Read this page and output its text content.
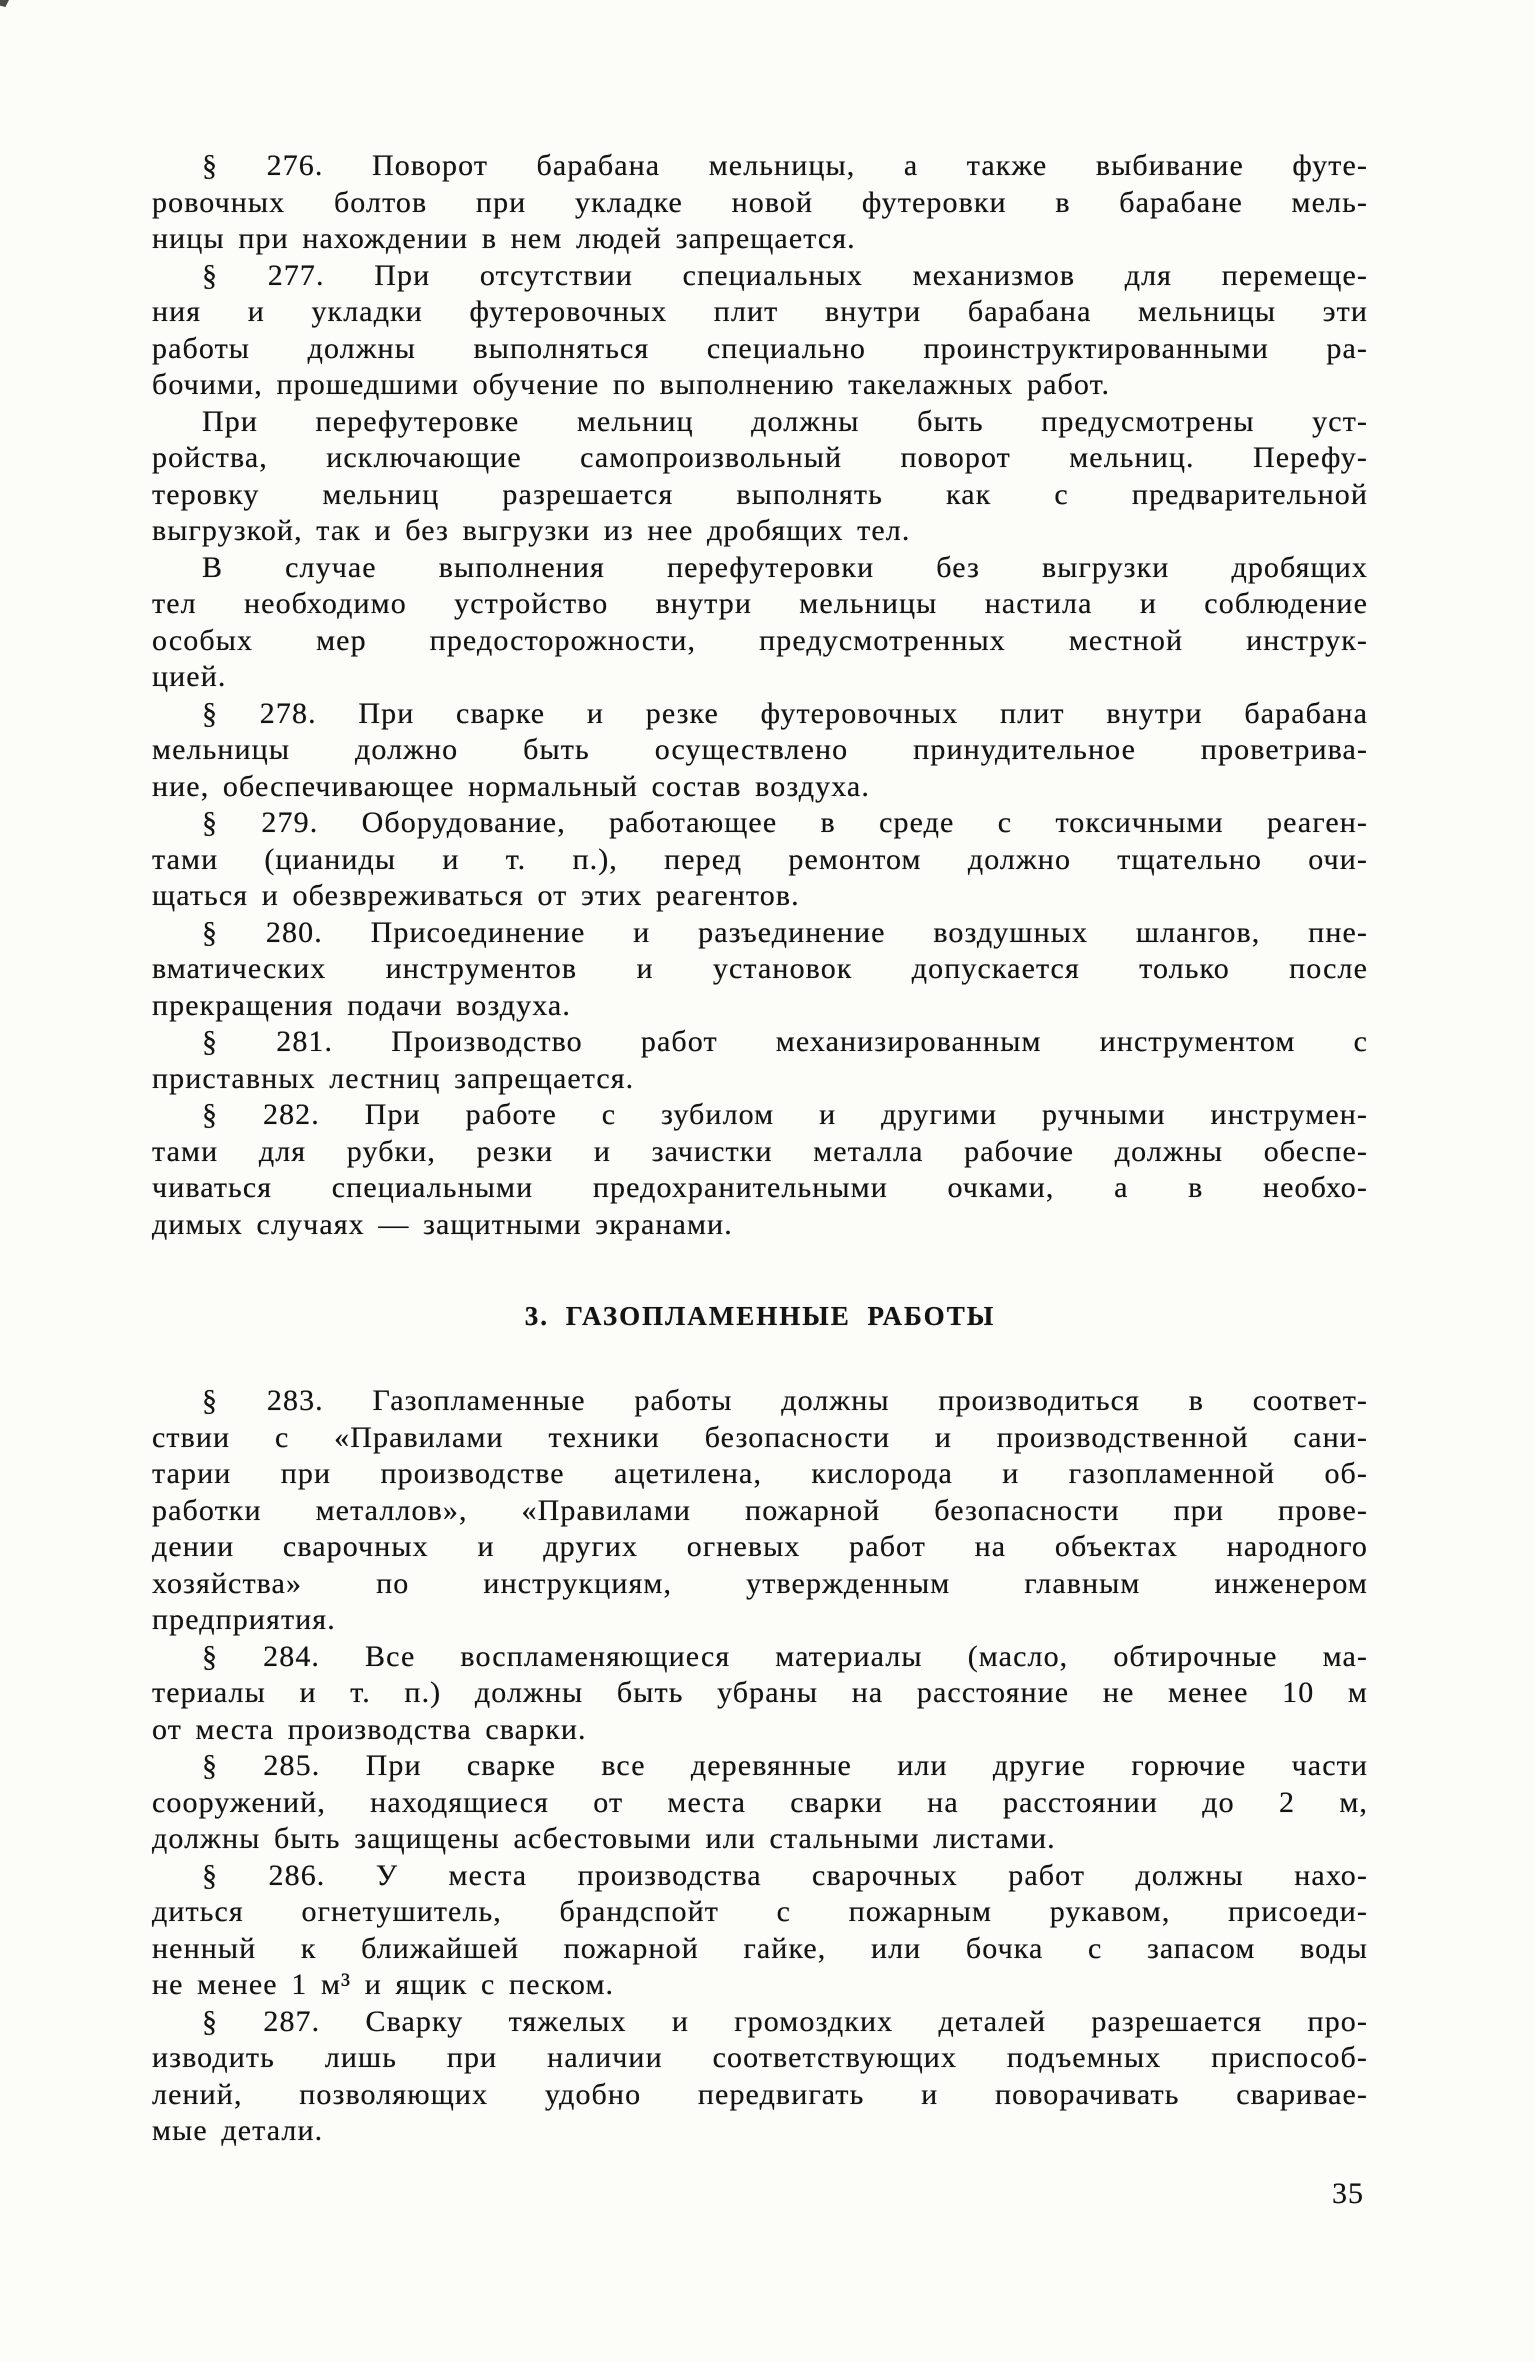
§ 276. Поворот барабана мельницы, а также выбивание футе-
ровочных болтов при укладке новой футеровки в барабане мель-
ницы при нахождении в нем людей запрещается.

§ 277. При отсутствии специальных механизмов для перемеще-
ния и укладки футеровочных плит внутри барабана мельницы эти
работы должны выполняться специально проинструктированными ра-
бочими, прошедшими обучение по выполнению такелажных работ.

При перефутеровке мельниц должны быть предусмотрены уст-
ройства, исключающие самопроизвольный поворот мельниц. Перефу-
теровку мельниц разрешается выполнять как с предварительной
выгрузкой, так и без выгрузки из нее дробящих тел.

В случае выполнения перефутеровки без выгрузки дробящих
тел необходимо устройство внутри мельницы настила и соблюдение
особых мер предосторожности, предусмотренных местной инструк-
цией.

§ 278. При сварке и резке футеровочных плит внутри барабана
мельницы должно быть осуществлено принудительное проветрива-
ние, обеспечивающее нормальный состав воздуха.

§ 279. Оборудование, работающее в среде с токсичными реаген-
тами (цианиды и т. п.), перед ремонтом должно тщательно очи-
щаться и обезвреживаться от этих реагентов.

§ 280. Присоединение и разъединение воздушных шлангов, пне-
вматических инструментов и установок допускается только после
прекращения подачи воздуха.

§ 281. Производство работ механизированным инструментом с
приставных лестниц запрещается.

§ 282. При работе с зубилом и другими ручными инструмен-
тами для рубки, резки и зачистки металла рабочие должны обеспе-
чиваться специальными предохранительными очками, а в необхо-
димых случаях — защитными экранами.

3. ГАЗОПЛАМЕННЫЕ РАБОТЫ

§ 283. Газопламенные работы должны производиться в соответ-
ствии с «Правилами техники безопасности и производственной сани-
тарии при производстве ацетилена, кислорода и газопламенной об-
работки металлов», «Правилами пожарной безопасности при прове-
дении сварочных и других огневых работ на объектах народного
хозяйства» по инструкциям, утвержденным главным инженером
предприятия.

§ 284. Все воспламеняющиеся материалы (масло, обтирочные ма-
териалы и т. п.) должны быть убраны на расстояние не менее 10 м
от места производства сварки.

§ 285. При сварке все деревянные или другие горючие части
сооружений, находящиеся от места сварки на расстоянии до 2 м,
должны быть защищены асбестовыми или стальными листами.

§ 286. У места производства сварочных работ должны нахо-
диться огнетушитель, брандспойт с пожарным рукавом, присоеди-
ненный к ближайшей пожарной гайке, или бочка с запасом воды
не менее 1 м³ и ящик с песком.

§ 287. Сварку тяжелых и громоздких деталей разрешается про-
изводить лишь при наличии соответствующих подъемных приспособ-
лений, позволяющих удобно передвигать и поворачивать сваривае-
мые детали.

35
